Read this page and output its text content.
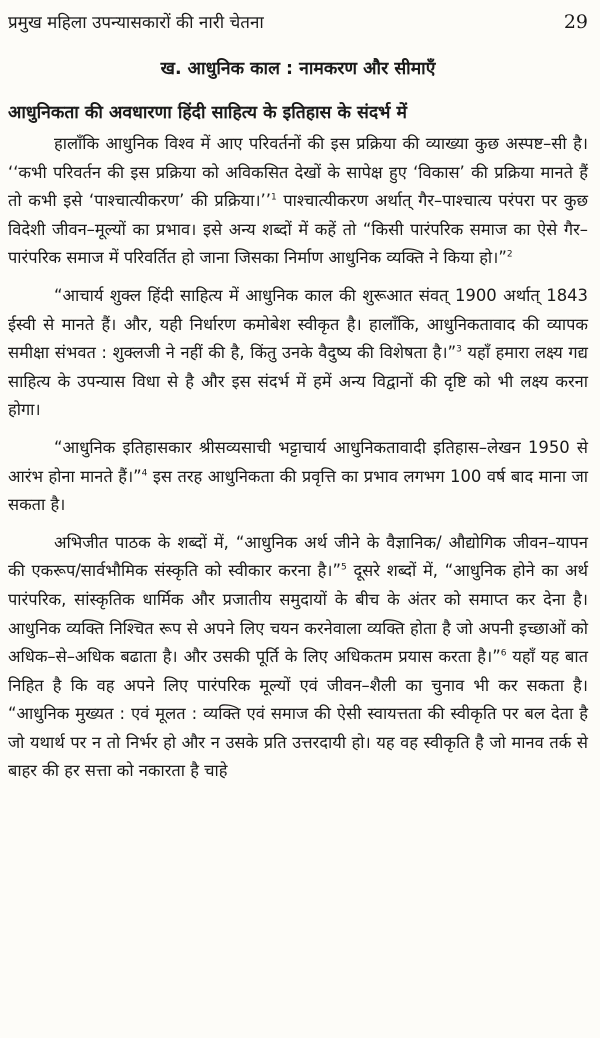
प्रमुख महिला उपन्यासकारों की नारी चेतना	29
ख. आधुनिक काल : नामकरण और सीमाएँ
आधुनिकता की अवधारणा हिंदी साहित्य के इतिहास के संदर्भ में

हालाँकि आधुनिक विश्व में आए परिवर्तनों की इस प्रक्रिया की व्याख्या कुछ अस्पष्ट–सी है। ‘‘कभी परिवर्तन की इस प्रक्रिया को अविकसित देखों के सापेक्ष हुए ‘विकास’ की प्रक्रिया मानते हैं तो कभी इसे ‘पाश्चात्यीकरण’ की प्रक्रिया।’’$^1$ पाश्चात्यीकरण अर्थात् गैर–पाश्चात्य परंपरा पर कुछ विदेशी जीवन–मूल्यों का प्रभाव। इसे अन्य शब्दों में कहें तो “किसी पारंपरिक समाज का ऐसे गैर–पारंपरिक समाज में परिवर्तित हो जाना जिसका निर्माण आधुनिक व्यक्ति ने किया हो।”$^2$

“आचार्य शुक्ल हिंदी साहित्य में आधुनिक काल की शुरूआत संवत् 1900 अर्थात् 1843 ईस्वी से मानते हैं। और, यही निर्धारण कमोबेश स्वीकृत है। हालाँकि, आधुनिकतावाद की व्यापक समीक्षा संभवत : शुक्लजी ने नहीं की है, किंतु उनके वैदुष्य की विशेषता है।”$^3$ यहाँ हमारा लक्ष्य गद्य साहित्य के उपन्यास विधा से है और इस संदर्भ में हमें अन्य विद्वानों की दृष्टि को भी लक्ष्य करना होगा।

“आधुनिक इतिहासकार श्रीसव्यसाची भट्टाचार्य आधुनिकतावादी इतिहास–लेखन 1950 से आरंभ होना मानते हैं।”$^4$ इस तरह आधुनिकता की प्रवृत्ति का प्रभाव लगभग 100 वर्ष बाद माना जा सकता है।

अभिजीत पाठक के शब्दों में, “आधुनिक अर्थ जीने के वैज्ञानिक/ औद्योगिक जीवन–यापन की एकरूप/सार्वभौमिक संस्कृति को स्वीकार करना है।”$^5$ दूसरे शब्दों में, “आधुनिक होने का अर्थ पारंपरिक, सांस्कृतिक धार्मिक और प्रजातीय समुदायों के बीच के अंतर को समाप्त कर देना है। आधुनिक व्यक्ति निश्चित रूप से अपने लिए चयन करनेवाला व्यक्ति होता है जो अपनी इच्छाओं को अधिक–से–अधिक बढाता है। और उसकी पूर्ति के लिए अधिकतम प्रयास करता है।”$^6$ यहाँ यह बात निहित है कि वह अपने लिए पारंपरिक मूल्यों एवं जीवन–शैली का चुनाव भी कर सकता है। “आधुनिक मुख्यत : एवं मूलत : व्यक्ति एवं समाज की ऐसी स्वायत्तता की स्वीकृति पर बल देता है जो यथार्थ पर न तो निर्भर हो और न उसके प्रति उत्तरदायी हो। यह वह स्वीकृति है जो मानव तर्क से बाहर की हर सत्ता को नकारता है चाहे
